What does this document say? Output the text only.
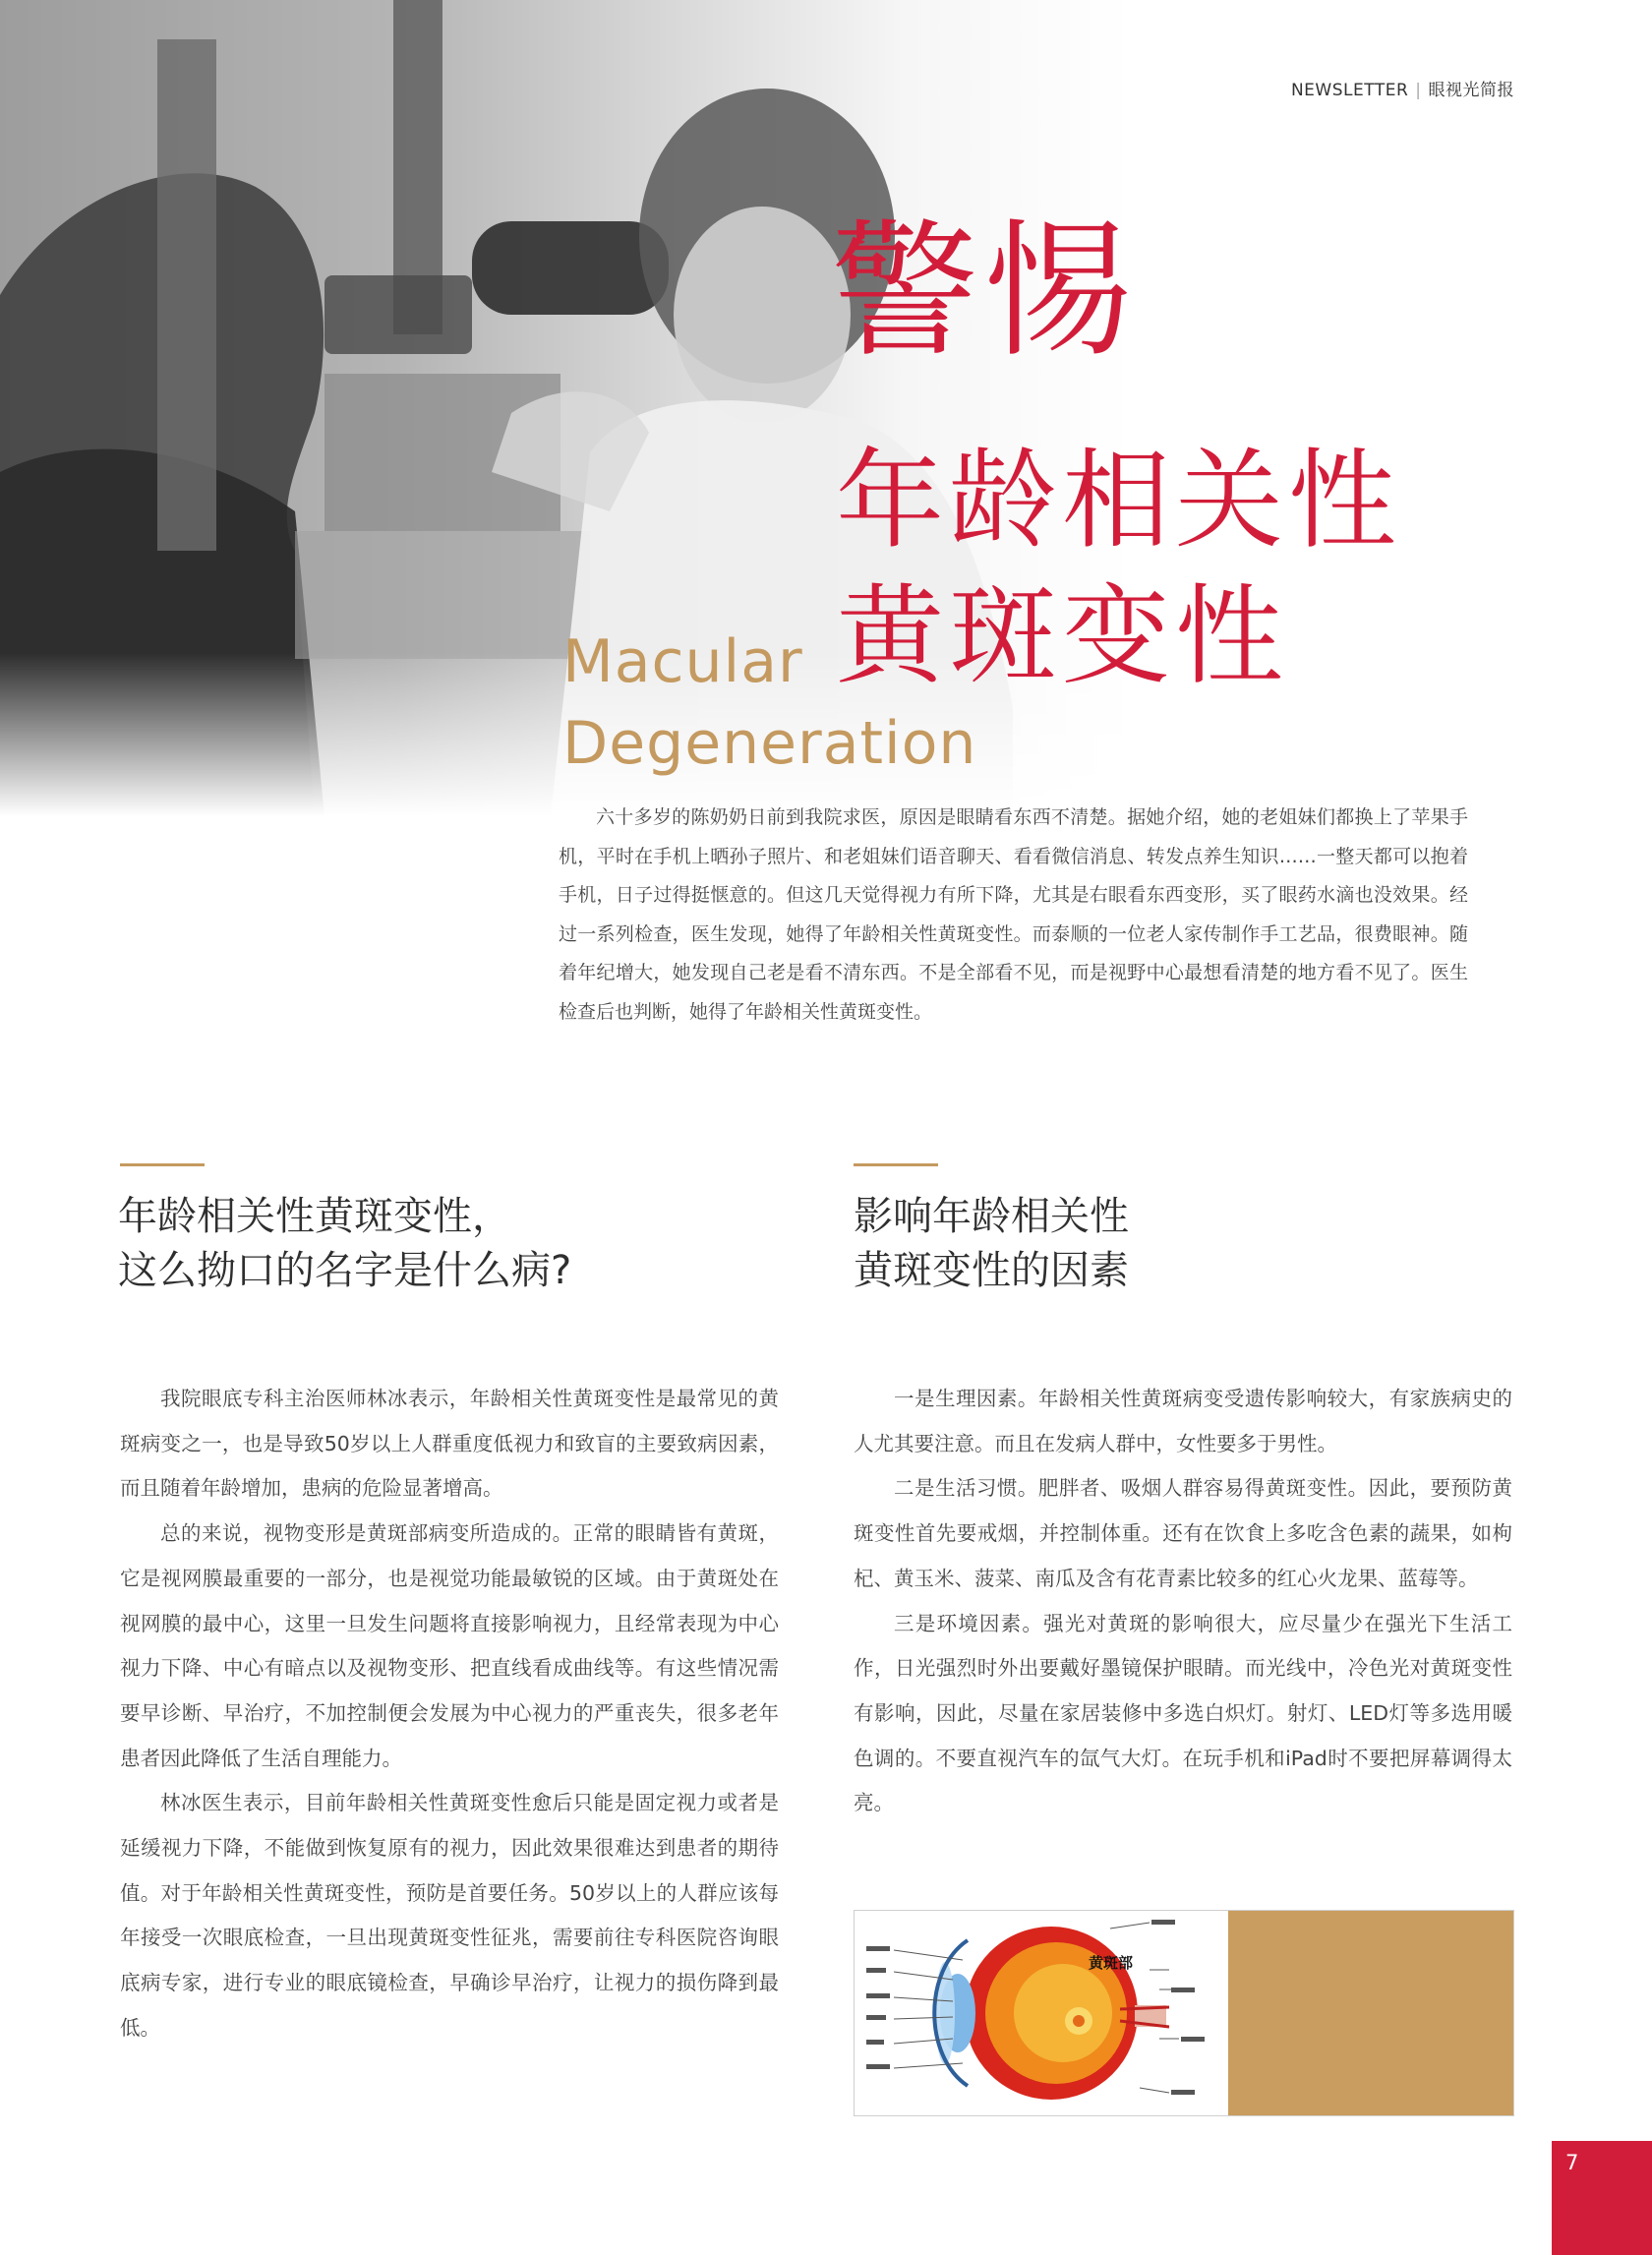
NEWSLETTER | 眼视光简报
警惕
年龄相关性
黄斑变性
Macular
Degeneration
六十多岁的陈奶奶日前到我院求医，原因是眼睛看东西不清楚。据她介绍，她的老姐妹们都换上了苹果手机，平时在手机上晒孙子照片、和老姐妹们语音聊天、看看微信消息、转发点养生知识……一整天都可以抱着手机，日子过得挺惬意的。但这几天觉得视力有所下降，尤其是右眼看东西变形，买了眼药水滴也没效果。经过一系列检查，医生发现，她得了年龄相关性黄斑变性。而泰顺的一位老人家传制作手工艺品，很费眼神。随着年纪增大，她发现自己老是看不清东西。不是全部看不见，而是视野中心最想看清楚的地方看不见了。医生检查后也判断，她得了年龄相关性黄斑变性。
年龄相关性黄斑变性，
这么拗口的名字是什么病?

我院眼底专科主治医师林冰表示，年龄相关性黄斑变性是最常见的黄斑病变之一，也是导致50岁以上人群重度低视力和致盲的主要致病因素，而且随着年龄增加，患病的危险显著增高。

总的来说，视物变形是黄斑部病变所造成的。正常的眼睛皆有黄斑，它是视网膜最重要的一部分，也是视觉功能最敏锐的区域。由于黄斑处在视网膜的最中心，这里一旦发生问题将直接影响视力，且经常表现为中心视力下降、中心有暗点以及视物变形、把直线看成曲线等。有这些情况需要早诊断、早治疗，不加控制便会发展为中心视力的严重丧失，很多老年患者因此降低了生活自理能力。

林冰医生表示，目前年龄相关性黄斑变性愈后只能是固定视力或者是延缓视力下降，不能做到恢复原有的视力，因此效果很难达到患者的期待值。对于年龄相关性黄斑变性，预防是首要任务。50岁以上的人群应该每年接受一次眼底检查，一旦出现黄斑变性征兆，需要前往专科医院咨询眼底病专家，进行专业的眼底镜检查，早确诊早治疗，让视力的损伤降到最低。

影响年龄相关性
黄斑变性的因素

一是生理因素。年龄相关性黄斑病变受遗传影响较大，有家族病史的人尤其要注意。而且在发病人群中，女性要多于男性。

二是生活习惯。肥胖者、吸烟人群容易得黄斑变性。因此，要预防黄斑变性首先要戒烟，并控制体重。还有在饮食上多吃含色素的蔬果，如枸杞、黄玉米、菠菜、南瓜及含有花青素比较多的红心火龙果、蓝莓等。

三是环境因素。强光对黄斑的影响很大，应尽量少在强光下生活工作，日光强烈时外出要戴好墨镜保护眼睛。而光线中，冷色光对黄斑变性有影响，因此，尽量在家居装修中多选白炽灯。射灯、LED灯等多选用暖色调的。不要直视汽车的氙气大灯。在玩手机和iPad时不要把屏幕调得太亮。

黄斑部
7
